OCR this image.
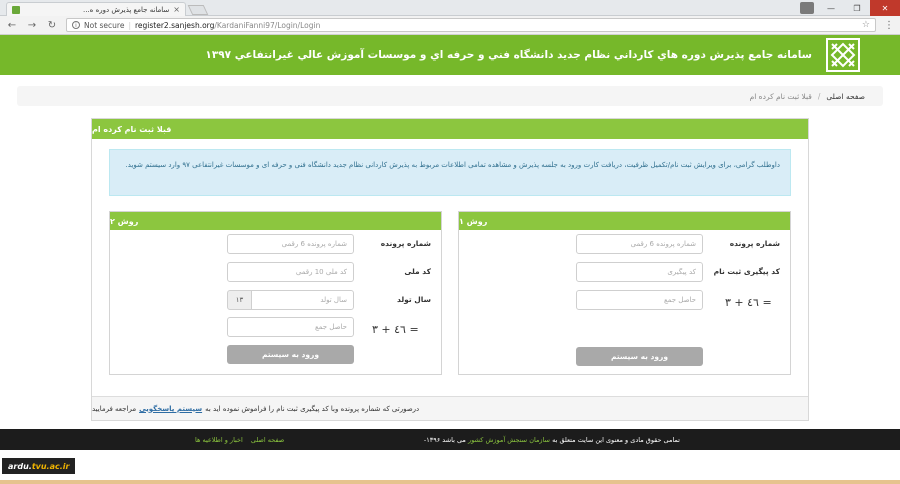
سامانه جامع پذيرش دوره ه... ×	—	❐	✕
← → ↻	i Not secure | register2.sanjesh.org/KardaniFanni97/Login/Login	☆ ⋮
سامانه جامع پذيرش دوره هاي كارداني نظام جديد دانشگاه فني و حرفه اي و موسسات آموزش عالي غيرانتفاعي ۱۳۹۷
قبلا ثبت نام کرده ام / صفحه اصلی
قبلا ثبت نام کرده ام
داوطلب گرامی، برای ویرایش ثبت نام/تکمیل ظرفیت، دریافت کارت ورود به جلسه پذیرش و مشاهده تمامی اطلاعات مربوط به پذیرش کاردانی نظام جدید دانشگاه فنی و حرفه ای و موسسات غیرانتفاعی ۹۷ وارد سیستم شوید.
روش ۱
شماره پرونده
شماره پرونده 6 رقمی
کد پیگیری ثبت نام
کد پیگیری
حاصل جمع
۳ + ٤٦ =
ورود به سیستم
روش ۲
شماره پرونده
شماره پرونده 6 رقمی
کد ملی
کد ملی 10 رقمی
سال تولد
۱۳
سال تولد
حاصل جمع
۳ + ٤٦ =
ورود به سیستم
درصورتی که شماره پرونده وبا کد پیگیری ثبت نام را فراموش نموده اید به
سیستم پاسخگویی
مراجعه فرمایید
صفحه اصلی
اخبار و اطلاعیه ها	تمامی حقوق مادی و معنوی این سایت متعلق به سازمان سنجش آموزش کشور می باشد ۱۳۹۶-
ardu. tvu.ac.ir
